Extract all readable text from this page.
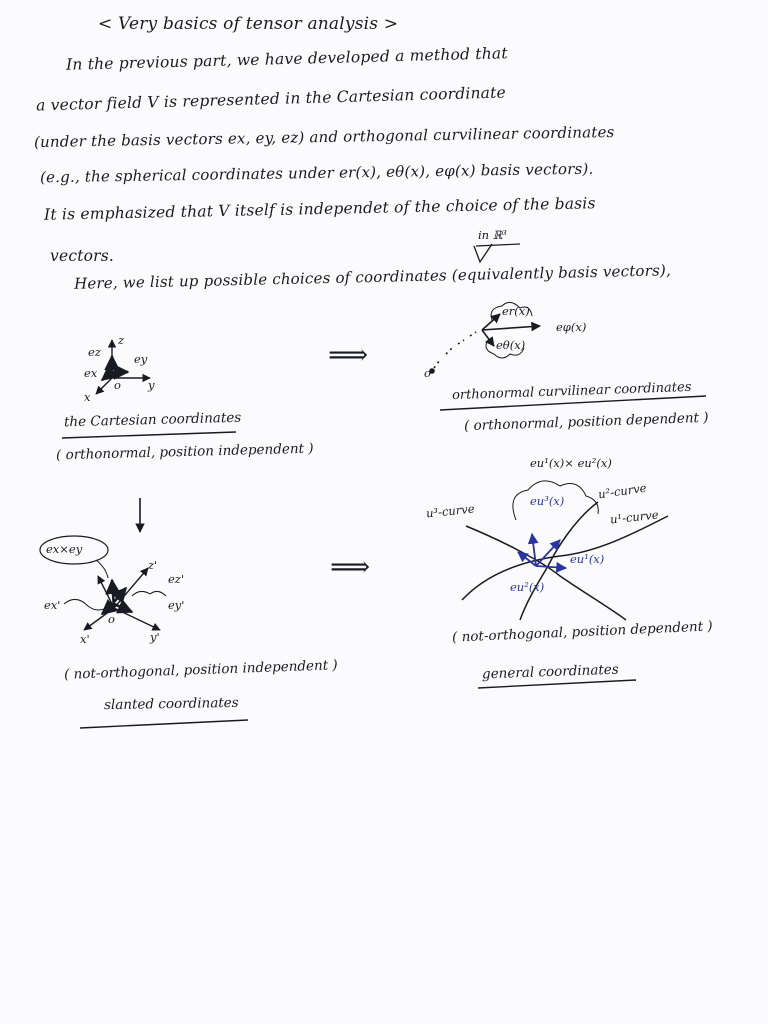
< Very basics of tensor analysis >
In the previous part, we have developed a method that
a vector field V is represented in the Cartesian coordinate
(under the basis vectors ex, ey, ez) and orthogonal curvilinear coordinates
(e.g., the spherical coordinates under er(x), eθ(x), eφ(x) basis vectors).
It is emphasized that V itself is independet of the choice of the basis
vectors.
in ℝ³
Here, we list up possible choices of coordinates (equivalently basis vectors),
z
y
x
o
ez	ey
ex
the Cartesian coordinates
( orthonormal, position independent )
⟹
er(x)
eφ(x)
eθ(x)
o
orthonormal curvilinear coordinates
( orthonormal, position dependent )
ex×ey
z'
y'
x'
o
ez'
ey'
ex'
( not-orthogonal, position independent )
slanted coordinates
⟹
eu¹(x)× eu²(x)
u³-curve
u²-curve
u¹-curve
eu³(x)
eu¹(x)
eu²(x)
( not-orthogonal, position dependent )
general coordinates
